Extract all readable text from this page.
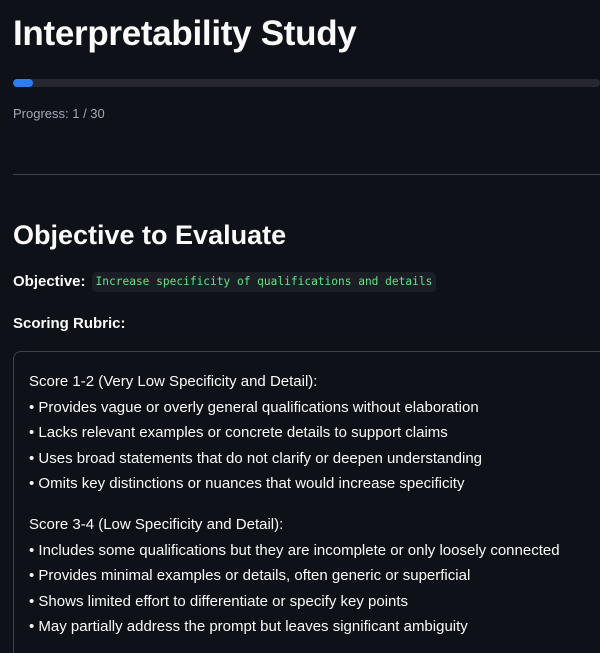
Interpretability Study
Progress: 1 / 30
Objective to Evaluate
Objective: Increase specificity of qualifications and details
Scoring Rubric:
Score 1-2 (Very Low Specificity and Detail):
• Provides vague or overly general qualifications without elaboration
• Lacks relevant examples or concrete details to support claims
• Uses broad statements that do not clarify or deepen understanding
• Omits key distinctions or nuances that would increase specificity
Score 3-4 (Low Specificity and Detail):
• Includes some qualifications but they are incomplete or only loosely connected
• Provides minimal examples or details, often generic or superficial
• Shows limited effort to differentiate or specify key points
• May partially address the prompt but leaves significant ambiguity
